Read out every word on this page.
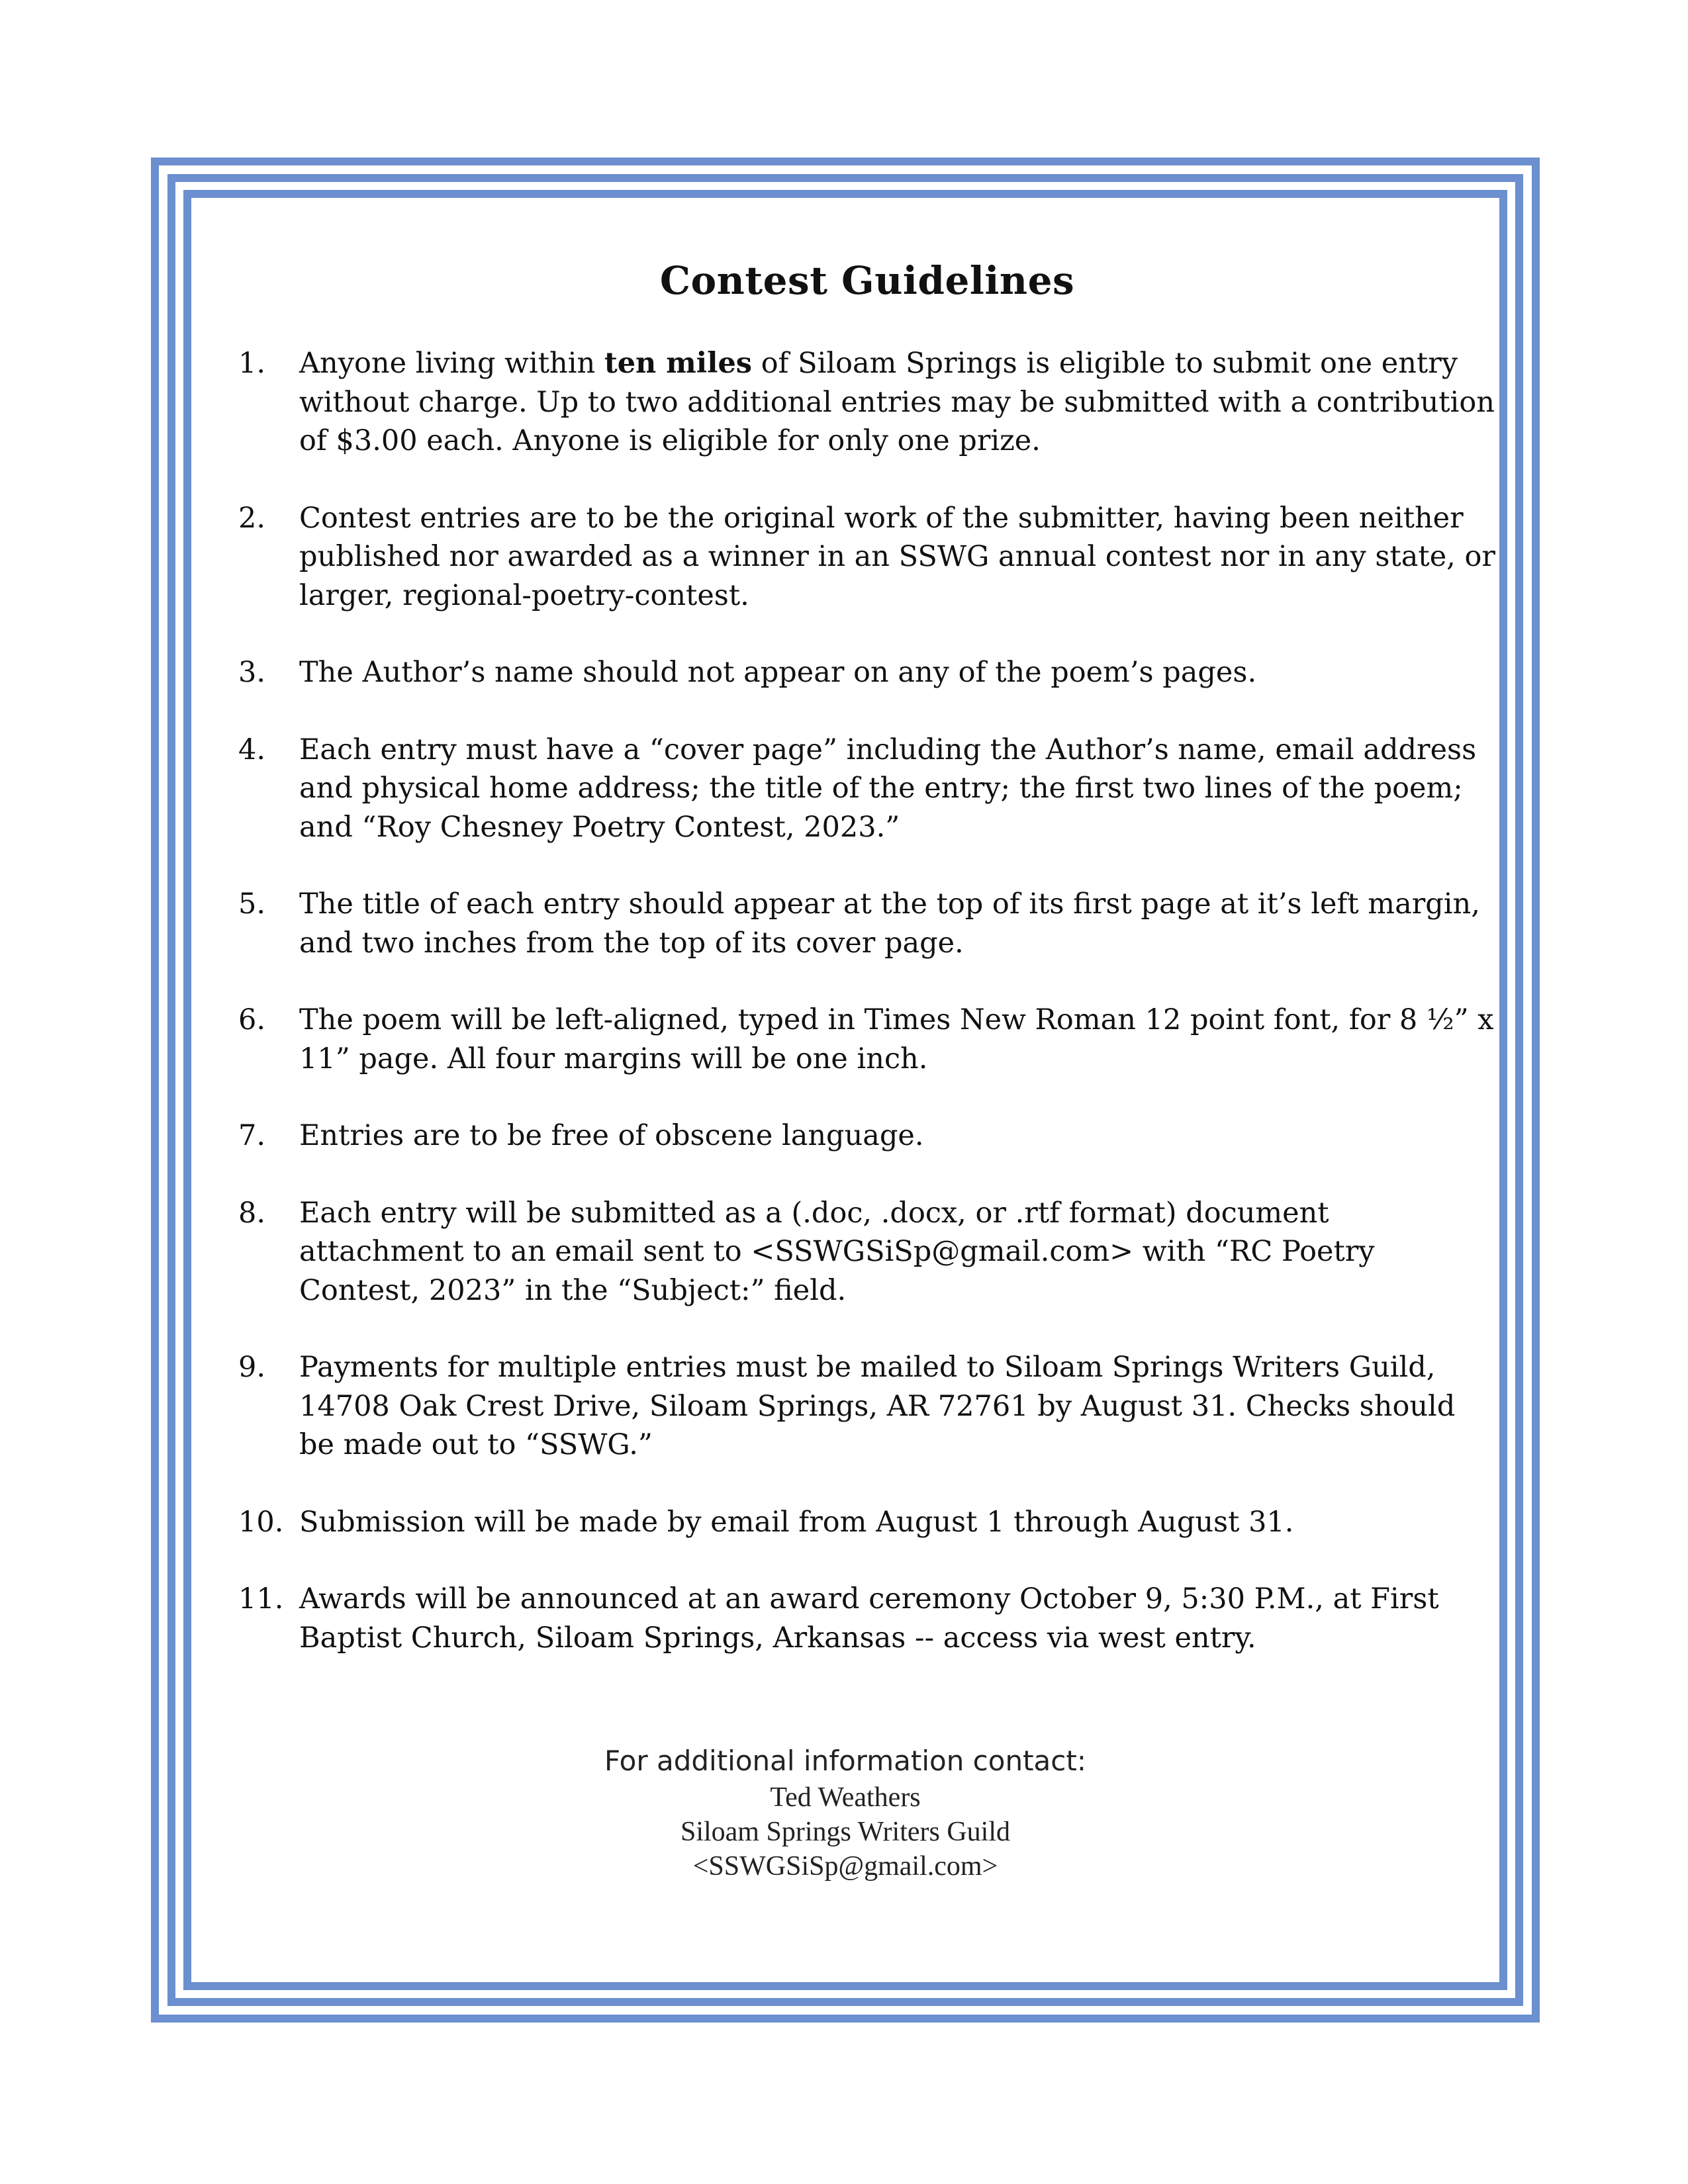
Contest Guidelines
1.	Anyone living within ten miles of Siloam Springs is eligible to submit one entry without charge. Up to two additional entries may be submitted with a contribution of $3.00 each. Anyone is eligible for only one prize.
2.	Contest entries are to be the original work of the submitter, having been neither published nor awarded as a winner in an SSWG annual contest nor in any state, or larger, regional-poetry-contest.
3.	The Author’s name should not appear on any of the poem’s pages.
4.	Each entry must have a “cover page” including the Author’s name, email address and physical home address; the title of the entry; the first two lines of the poem; and “Roy Chesney Poetry Contest, 2023.”
5.	The title of each entry should appear at the top of its first page at it’s left margin, and two inches from the top of its cover page.
6.	The poem will be left-aligned, typed in Times New Roman 12 point font, for 8 ½” x 11” page. All four margins will be one inch.
7.	Entries are to be free of obscene language.
8.	Each entry will be submitted as a (.doc, .docx, or .rtf format) document attachment to an email sent to <SSWGSiSp@gmail.com> with “RC Poetry Contest, 2023” in the “Subject:” field.
9.	Payments for multiple entries must be mailed to Siloam Springs Writers Guild, 14708 Oak Crest Drive, Siloam Springs, AR 72761 by August 31. Checks should be made out to “SSWG.”
10. Submission will be made by email from August 1 through August 31.
11. Awards will be announced at an award ceremony October 9, 5:30 P.M., at First Baptist Church, Siloam Springs, Arkansas -- access via west entry.
For additional information contact:
Ted Weathers
Siloam Springs Writers Guild
<SSWGSiSp@gmail.com>
